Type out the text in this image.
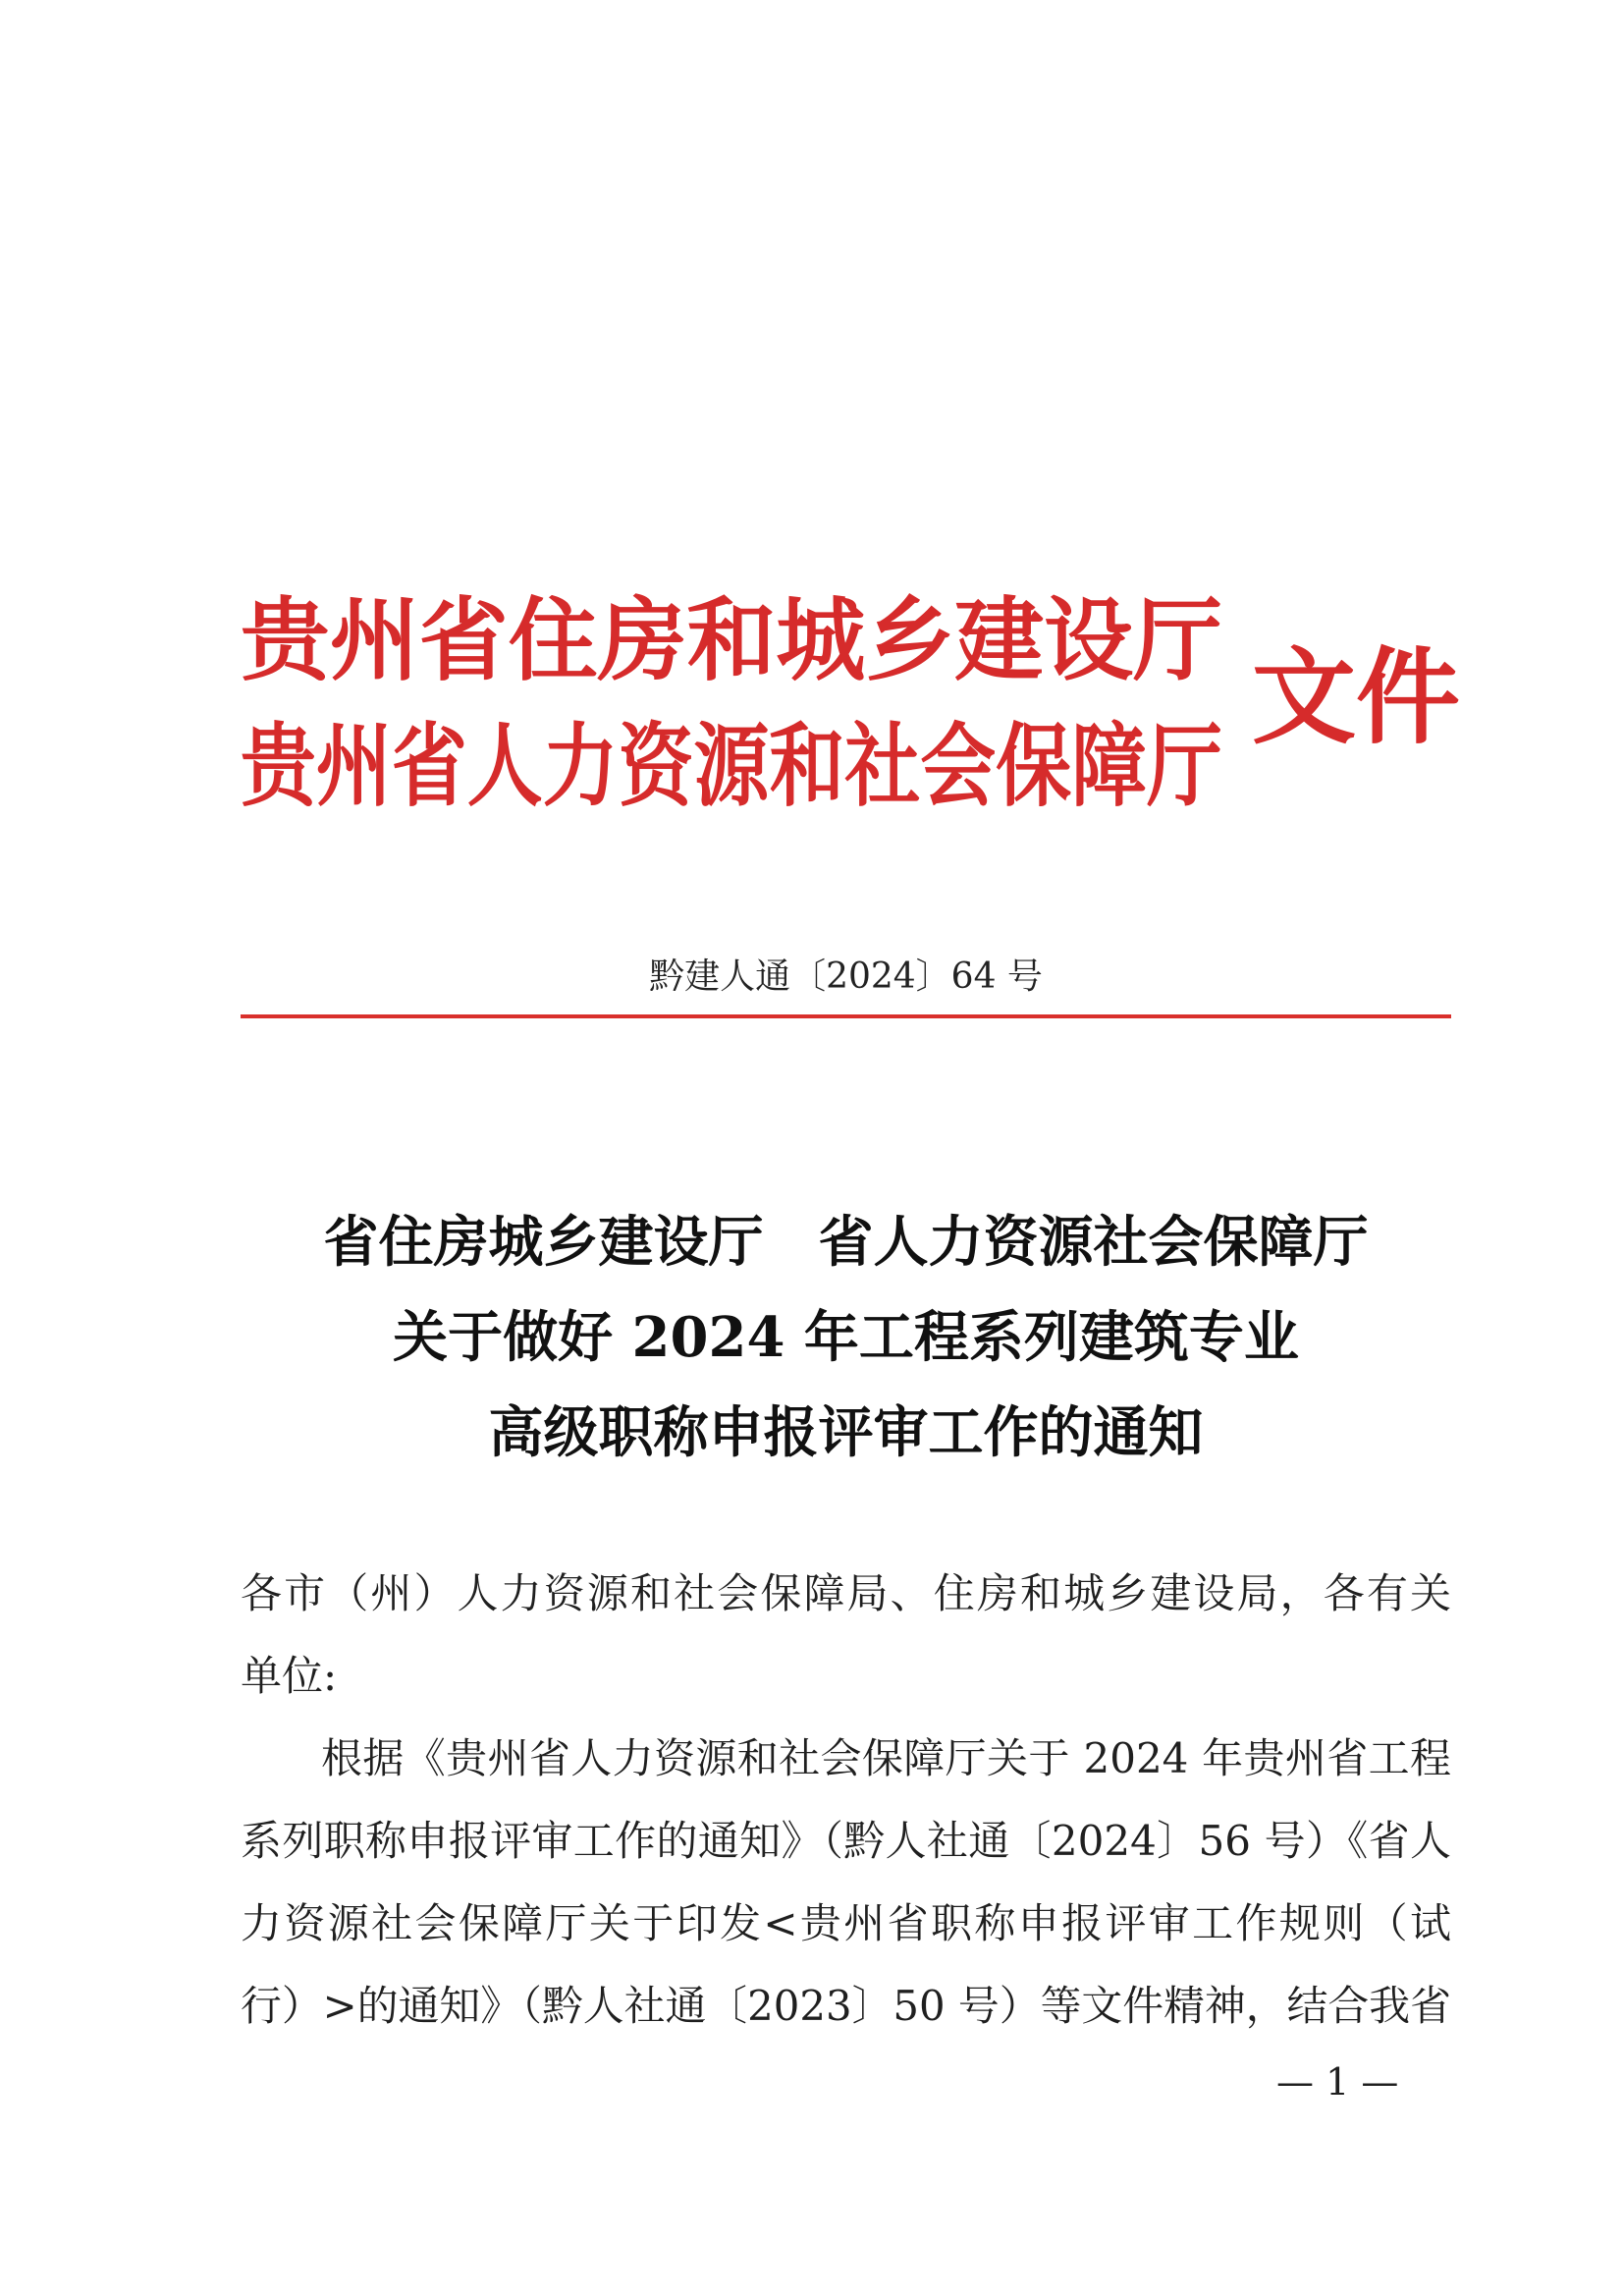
贵州省住房和城乡建设厅
贵州省人力资源和社会保障厅
文件
黔建人通〔2024〕64 号
省住房城乡建设厅　省人力资源社会保障厅
关于做好 2024 年工程系列建筑专业
高级职称申报评审工作的通知
各市（州）人力资源和社会保障局、住房和城乡建设局，各有关
单位:
根据《贵州省人力资源和社会保障厅关于 2024 年贵州省工程
系列职称申报评审工作的通知》（黔人社通〔2024〕56 号）《省人
力资源社会保障厅关于印发<贵州省职称申报评审工作规则（试
行）>的通知》（黔人社通〔2023〕50 号）等文件精神，结合我省
— 1 —
